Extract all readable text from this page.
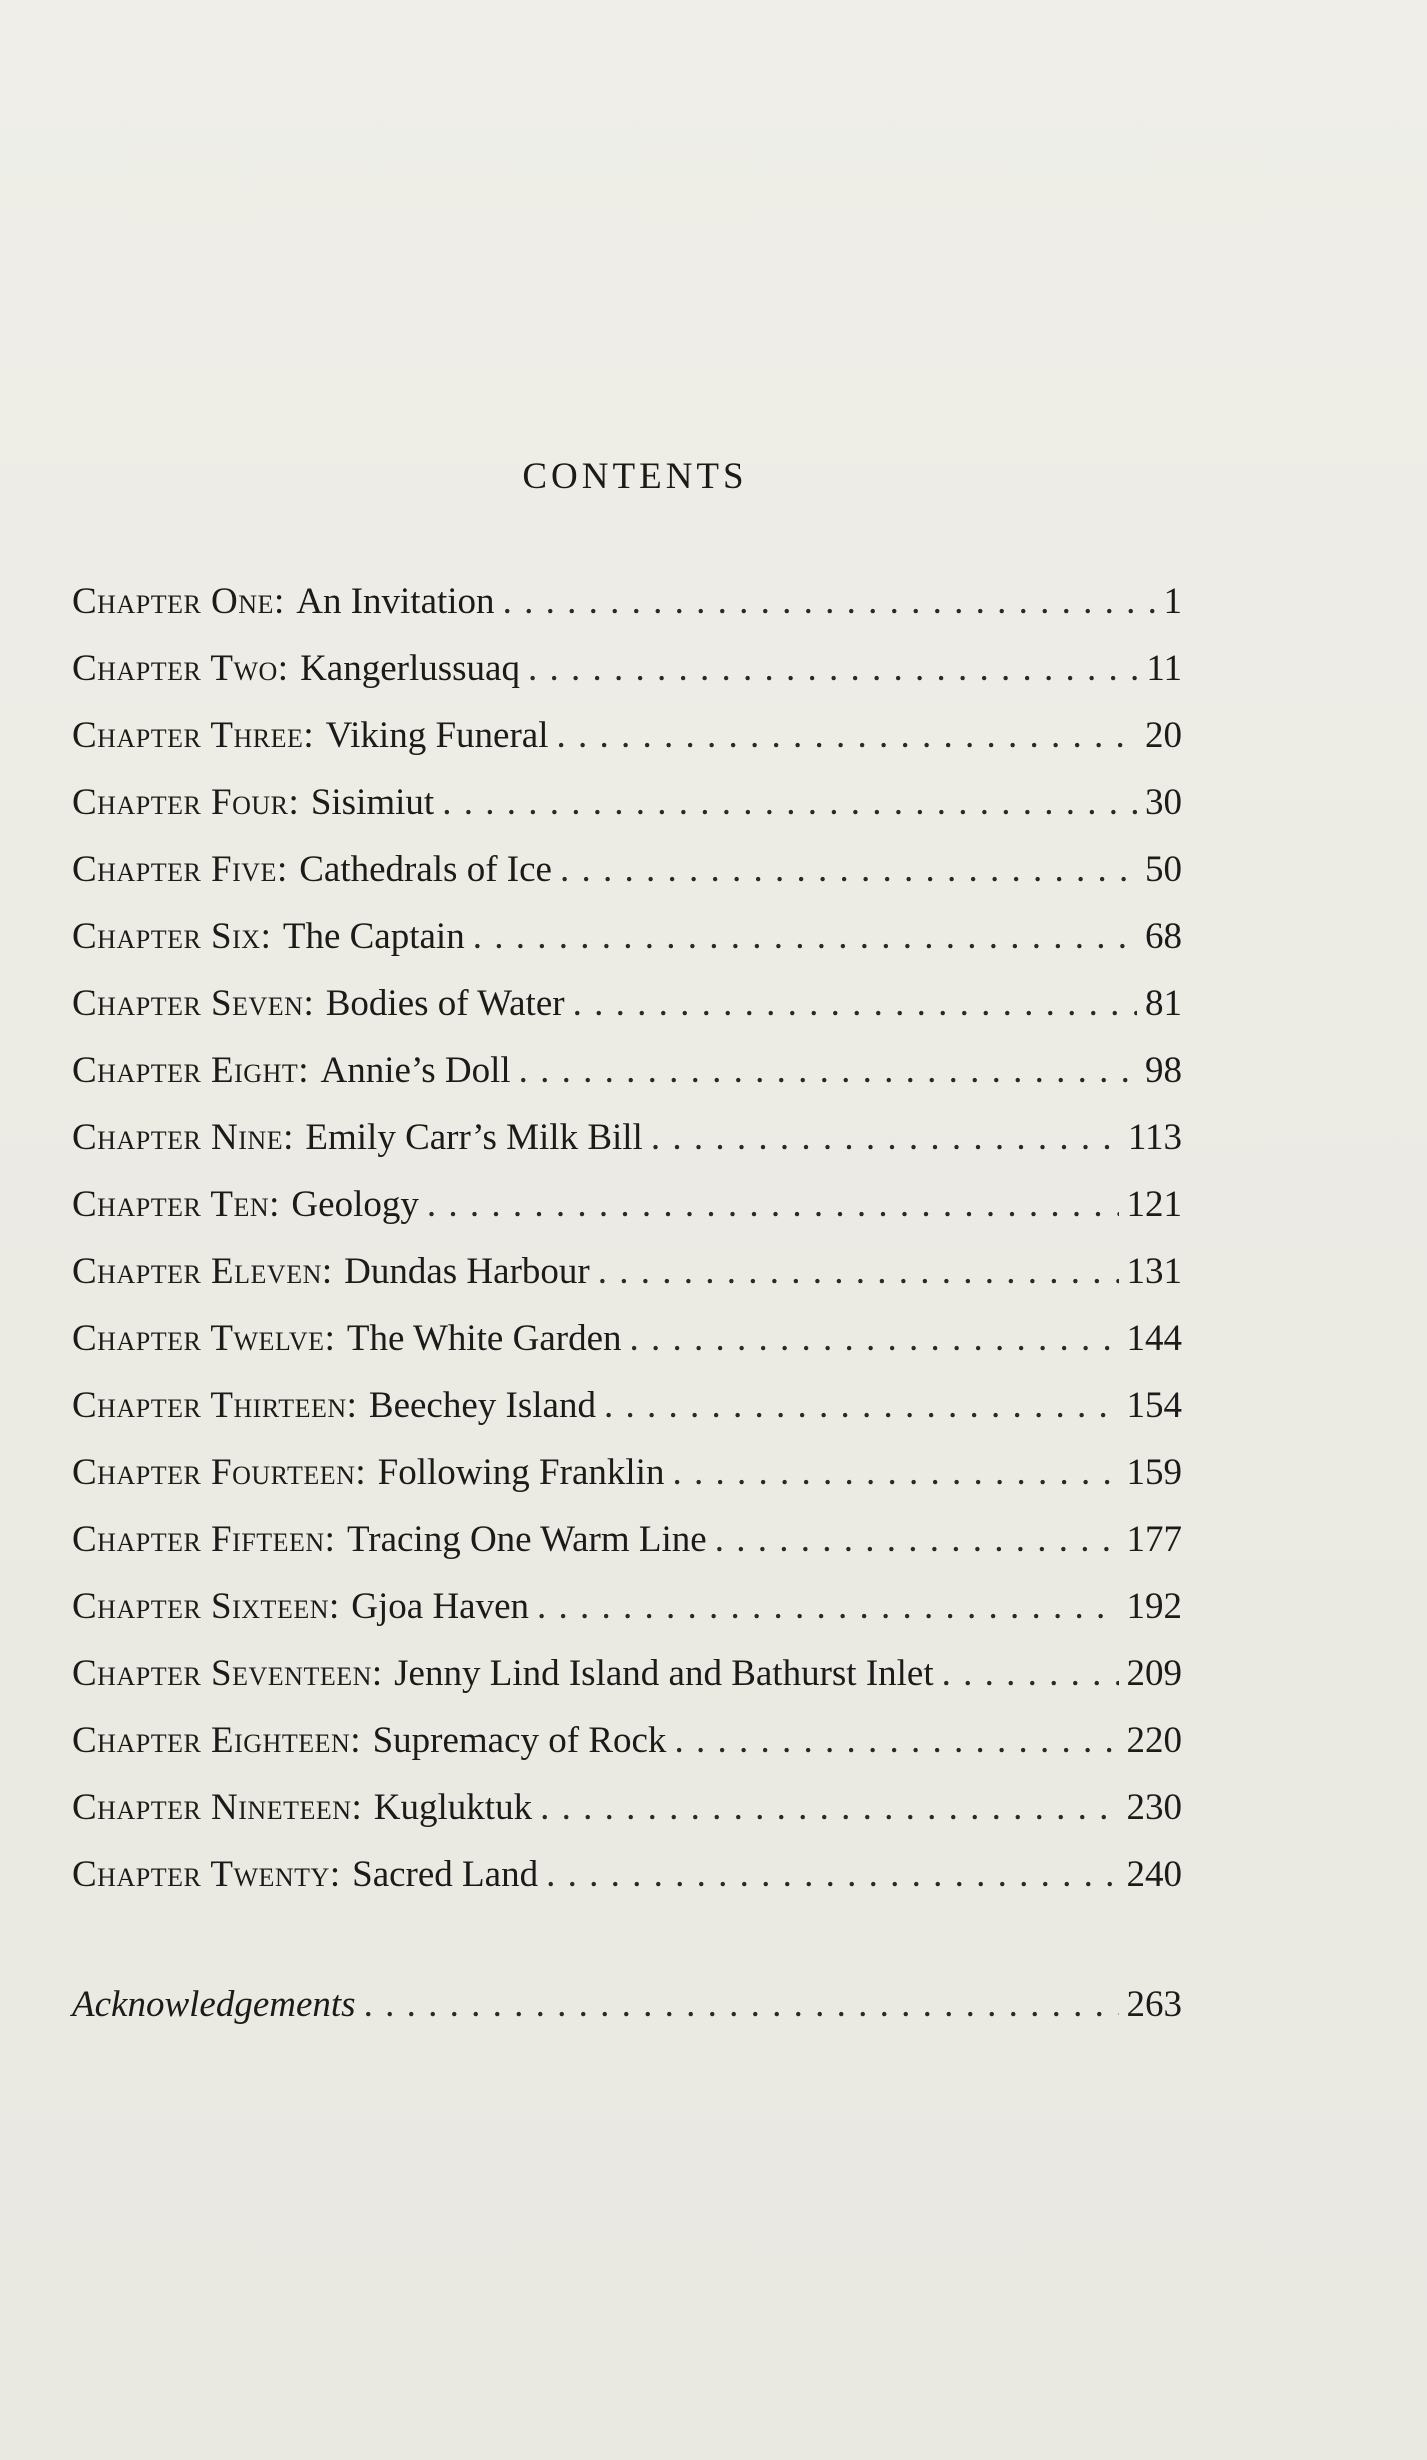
CONTENTS
Chapter One : An Invitation . . .	1
Chapter Two : Kangerlussuaq . . .	11
Chapter Three : Viking Funeral . . .	20
Chapter Four : Sisimiut . . .	30
Chapter Five : Cathedrals of Ice . . .	50
Chapter Six : The Captain . . .	68
Chapter Seven : Bodies of Water . . .	81
Chapter Eight : Annie’s Doll . . .	98
Chapter Nine : Emily Carr’s Milk Bill . . .	113
Chapter Ten : Geology . . .	121
Chapter Eleven : Dundas Harbour . . .	131
Chapter Twelve : The White Garden . . .	144
Chapter Thirteen : Beechey Island . . .	154
Chapter Fourteen : Following Franklin . . .	159
Chapter Fifteen : Tracing One Warm Line . . .	177
Chapter Sixteen : Gjoa Haven . . .	192
Chapter Seventeen : Jenny Lind Island and Bathurst Inlet . . .	209
Chapter Eighteen : Supremacy of Rock . . .	220
Chapter Nineteen : Kugluktuk . . .	230
Chapter Twenty : Sacred Land . . .	240
Acknowledgements . . .	263
